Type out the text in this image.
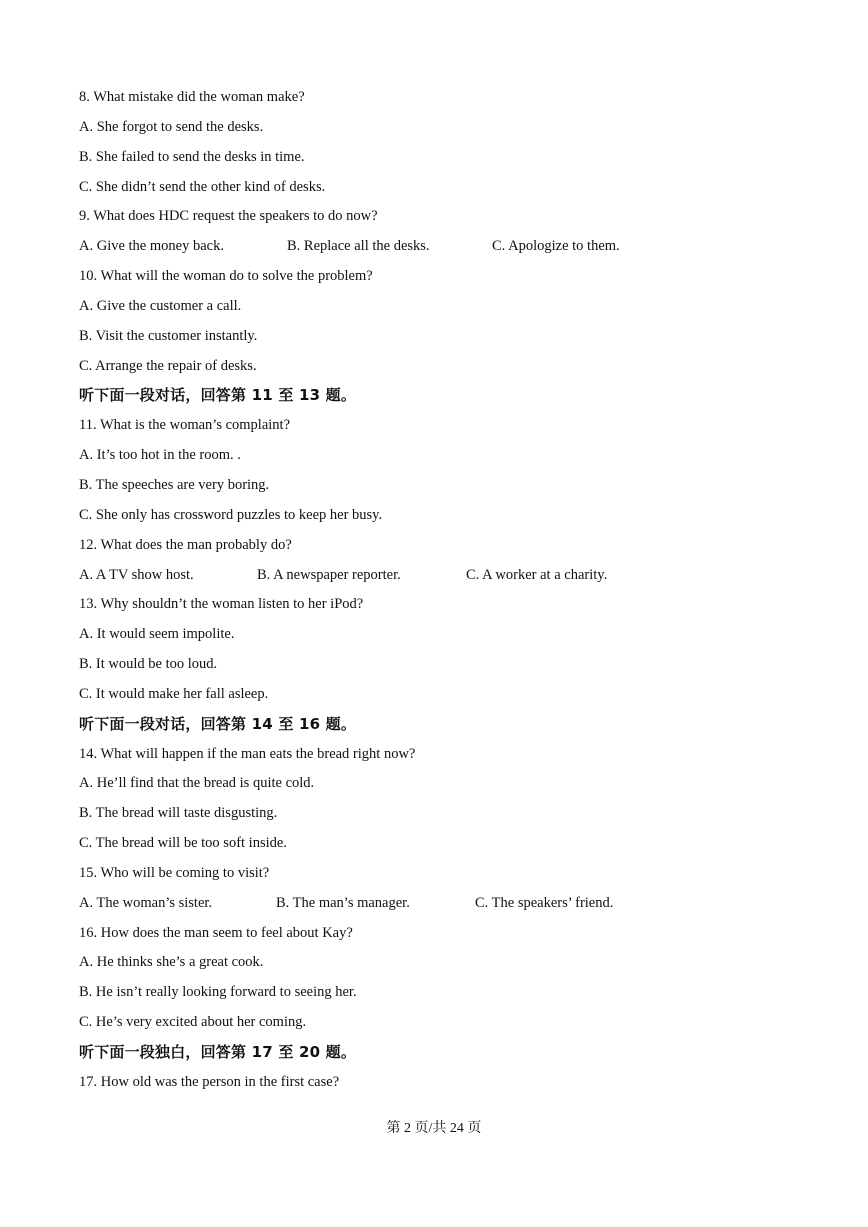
8. What mistake did the woman make?
A. She forgot to send the desks.
B. She failed to send the desks in time.
C. She didn’t send the other kind of desks.
9. What does HDC request the speakers to do now?
A. Give the money back.	B. Replace all the desks.	C. Apologize to them.
10. What will the woman do to solve the problem?
A. Give the customer a call.
B. Visit the customer instantly.
C. Arrange the repair of desks.
听下面一段对话，回答第 11 至 13 题。
11. What is the woman’s complaint?
A. It’s too hot in the room. .
B. The speeches are very boring.
C. She only has crossword puzzles to keep her busy.
12. What does the man probably do?
A. A TV show host.	B. A newspaper reporter.	C. A worker at a charity.
13. Why shouldn’t the woman listen to her iPod?
A. It would seem impolite.
B. It would be too loud.
C. It would make her fall asleep.
听下面一段对话，回答第 14 至 16 题。
14. What will happen if the man eats the bread right now?
A. He’ll find that the bread is quite cold.
B. The bread will taste disgusting.
C. The bread will be too soft inside.
15. Who will be coming to visit?
A. The woman’s sister.	B. The man’s manager.	C. The speakers’ friend.
16. How does the man seem to feel about Kay?
A. He thinks she’s a great cook.
B. He isn’t really looking forward to seeing her.
C. He’s very excited about her coming.
听下面一段独白，回答第 17 至 20 题。
17. How old was the person in the first case?
第 2 页/共 24 页
